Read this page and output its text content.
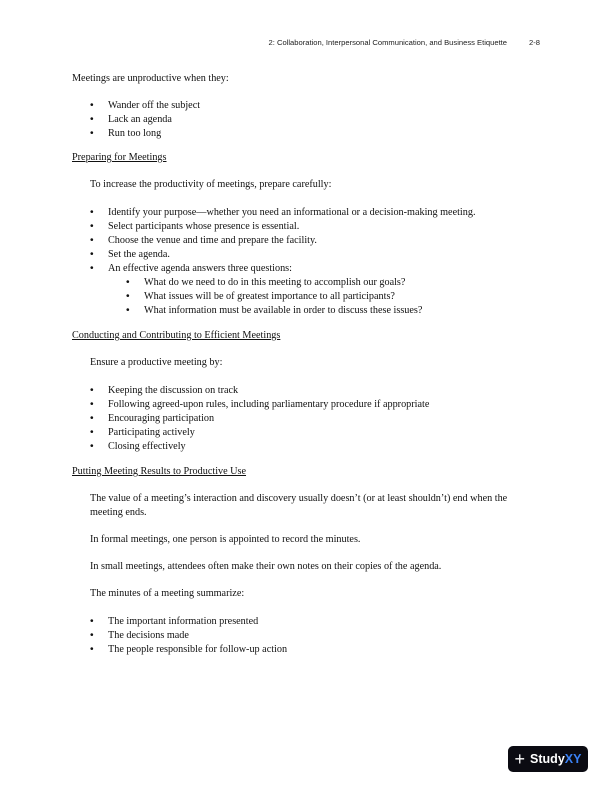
2: Collaboration, Interpersonal Communication, and Business Etiquette	2-8

Meetings are unproductive when they:

• Wander off the subject
• Lack an agenda
• Run too long

Preparing for Meetings

To increase the productivity of meetings, prepare carefully:

• Identify your purpose—whether you need an informational or a decision-making meeting.
• Select participants whose presence is essential.
• Choose the venue and time and prepare the facility.
• Set the agenda.
• An effective agenda answers three questions:
• What do we need to do in this meeting to accomplish our goals?
• What issues will be of greatest importance to all participants?
• What information must be available in order to discuss these issues?

Conducting and Contributing to Efficient Meetings

Ensure a productive meeting by:

• Keeping the discussion on track
• Following agreed-upon rules, including parliamentary procedure if appropriate
• Encouraging participation
• Participating actively
• Closing effectively

Putting Meeting Results to Productive Use

The value of a meeting’s interaction and discovery usually doesn’t (or at least shouldn’t) end when the meeting ends.

In formal meetings, one person is appointed to record the minutes.

In small meetings, attendees often make their own notes on their copies of the agenda.

The minutes of a meeting summarize:

• The important information presented
• The decisions made
• The people responsible for follow-up action
+ Study XY
